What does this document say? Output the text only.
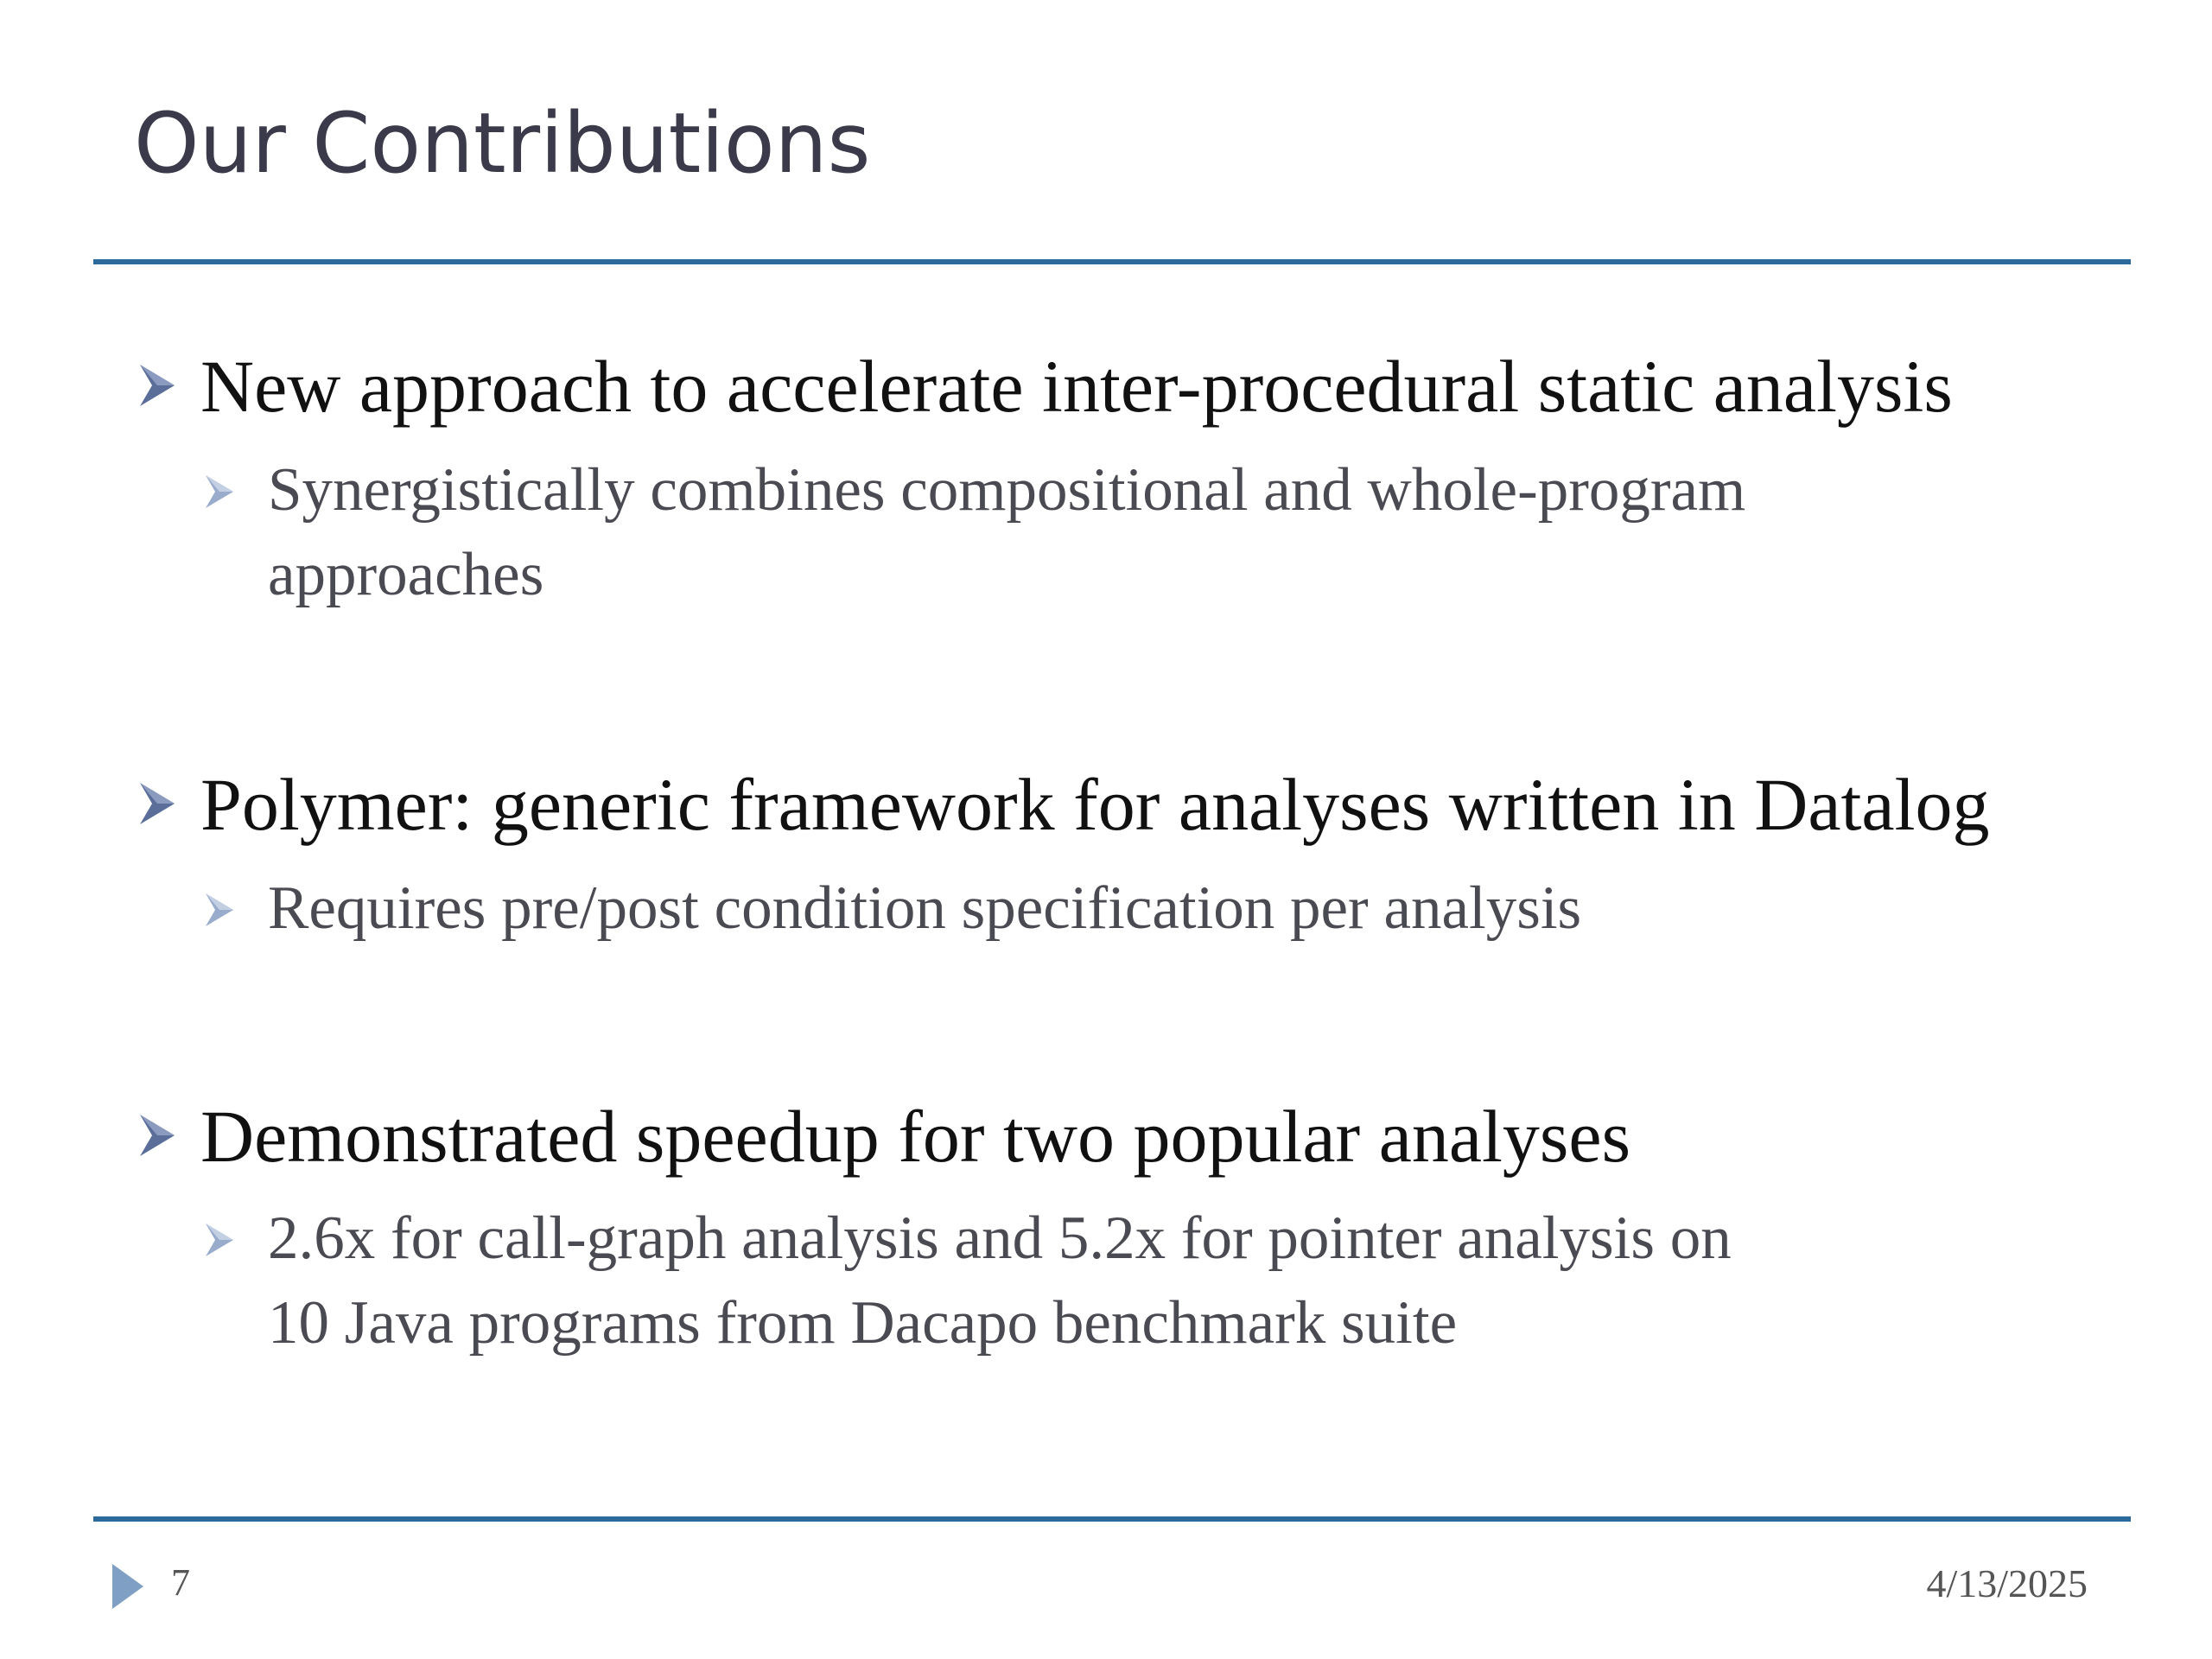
Our Contributions
New approach to accelerate inter-procedural static analysis
Synergistically combines compositional and whole-program
approaches
Polymer: generic framework for analyses written in Datalog
Requires pre/post condition specification per analysis
Demonstrated speedup for two popular analyses
2.6x for call-graph analysis and 5.2x for pointer analysis on
10 Java programs from Dacapo benchmark suite
7	4/13/2025
